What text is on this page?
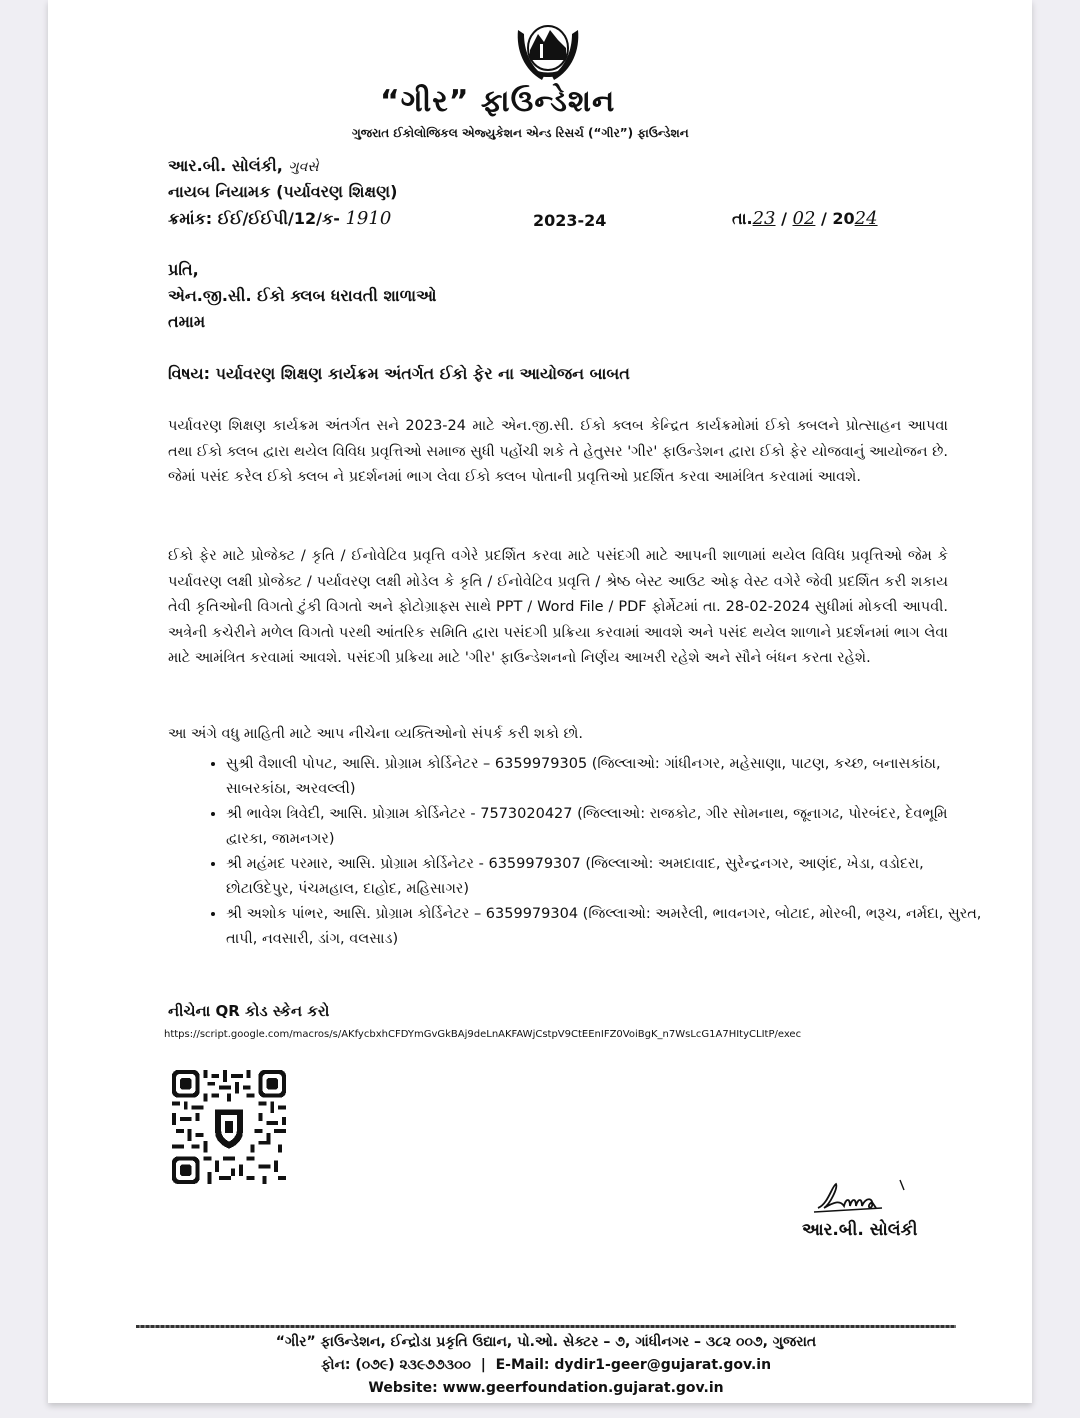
“ગીર” ફાઉન્ડેશન
ગુજરાત ઈકોલોજિકલ એજ્યુકેશન એન્ડ રિસર્ચ (“ગીર”) ફાઉન્ડેશન
આર.બી. સોલંકી, ગુવસે
નાયબ નિયામક (પર્યાવરણ શિક્ષણ)
ક્રમાંક: ઈઈ/ઈઈપી/12/ક- 1910	2023-24	તા.23 / 02 / 2024
પ્રતિ,
એન.જી.સી. ઈકો ક્લબ ધરાવતી શાળાઓ
તમામ
વિષય: પર્યાવરણ શિક્ષણ કાર્યક્રમ અંતર્ગત ઈકો ફેર ના આયોજન બાબત
પર્યાવરણ શિક્ષણ કાર્યક્રમ અંતર્ગત સને 2023-24 માટે એન.જી.સી. ઈકો ક્લબ કેન્દ્રિત કાર્યક્રમોમાં ઈકો ક્બલને પ્રોત્સાહન આપવા તથા ઈકો ક્લબ દ્વારા થયેલ વિવિધ પ્રવૃત્તિઓ સમાજ સુધી પહોંચી શકે તે હેતુસર 'ગીર' ફાઉન્ડેશન દ્વારા ઈકો ફેર યોજવાનું આયોજન છે. જેમાં પસંદ કરેલ ઈકો ક્લબ ને પ્રદર્શનમાં ભાગ લેવા ઈકો ક્લબ પોતાની પ્રવૃત્તિઓ પ્રદર્શિત કરવા આમંત્રિત કરવામાં આવશે.
ઈકો ફેર માટે પ્રોજેક્ટ / કૃતિ / ઈનોવેટિવ પ્રવૃત્તિ વગેરે પ્રદર્શિત કરવા માટે પસંદગી માટે આપની શાળામાં થયેલ વિવિધ પ્રવૃત્તિઓ જેમ કે પર્યાવરણ લક્ષી પ્રોજેક્ટ / પર્યાવરણ લક્ષી મોડેલ કે કૃતિ / ઈનોવેટિવ પ્રવૃત્તિ / શ્રેષ્ઠ બેસ્ટ આઉટ ઓફ વેસ્ટ વગેરે જેવી પ્રદર્શિત કરી શકાય તેવી કૃતિઓની વિગતો ટુંકી વિગતો અને ફોટોગ્રાફ્સ સાથે PPT / Word File / PDF ફોર્મેટમાં તા. 28-02-2024 સુધીમાં મોકલી આપવી. અત્રેની કચેરીને મળેલ વિગતો પરથી આંતરિક સમિતિ દ્વારા પસંદગી પ્રક્રિયા કરવામાં આવશે અને પસંદ થયેલ શાળાને પ્રદર્શનમાં ભાગ લેવા માટે આમંત્રિત કરવામાં આવશે. પસંદગી પ્રક્રિયા માટે 'ગીર' ફાઉન્ડેશનનો નિર્ણય આખરી રહેશે અને સૌને બંધન કરતા રહેશે.
આ અંગે વધુ માહિતી માટે આપ નીચેના વ્યક્તિઓનો સંપર્ક કરી શકો છો.
• સુશ્રી વૈશાલી પોપટ, આસિ. પ્રોગ્રામ કોર્ડિનેટર – 6359979305 (જિલ્લાઓ: ગાંધીનગર, મહેસાણા, પાટણ, કચ્છ, બનાસકાંઠા, સાબરકાંઠા, અરવલ્લી)
• શ્રી ભાવેશ ત્રિવેદી, આસિ. પ્રોગ્રામ કોર્ડિનેટર - 7573020427 (જિલ્લાઓ: રાજકોટ, ગીર સોમનાથ, જૂનાગઢ, પોરબંદર, દેવભૂમિ દ્વારકા, જામનગર)
• શ્રી મહંમદ પરમાર, આસિ. પ્રોગ્રામ કોર્ડિનેટર - 6359979307 (જિલ્લાઓ: અમદાવાદ, સુરેન્દ્રનગર, આણંદ, ખેડા, વડોદરા, છોટાઉદેપુર, પંચમહાલ, દાહોદ, મહિસાગર)
• શ્રી અશોક પાંભર, આસિ. પ્રોગ્રામ કોર્ડિનેટર – 6359979304 (જિલ્લાઓ: અમરેલી, ભાવનગર, બોટાદ, મોરબી, ભરૂચ, નર્મદા, સુરત, તાપી, નવસારી, ડાંગ, વલસાડ)
નીચેના QR કોડ સ્કેન કરો
https://script.google.com/macros/s/AKfycbxhCFDYmGvGkBAj9deLnAKFAWjCstpV9CtEEnIFZ0VoiBgK_n7WsLcG1A7HItyCLItP/exec
આર.બી. સોલંકી
“ગીર” ફાઉન્ડેશન, ઈન્દ્રોડા પ્રકૃતિ ઉદ્યાન, પો.ઓ. સેક્ટર – ૭, ગાંધીનગર – ૩૮૨ ૦૦૭, ગુજરાત
ફોન: (૦૭૯) ૨૩૯૭૭૩૦૦ | E-Mail: dydir1-geer@gujarat.gov.in
Website: www.geerfoundation.gujarat.gov.in
